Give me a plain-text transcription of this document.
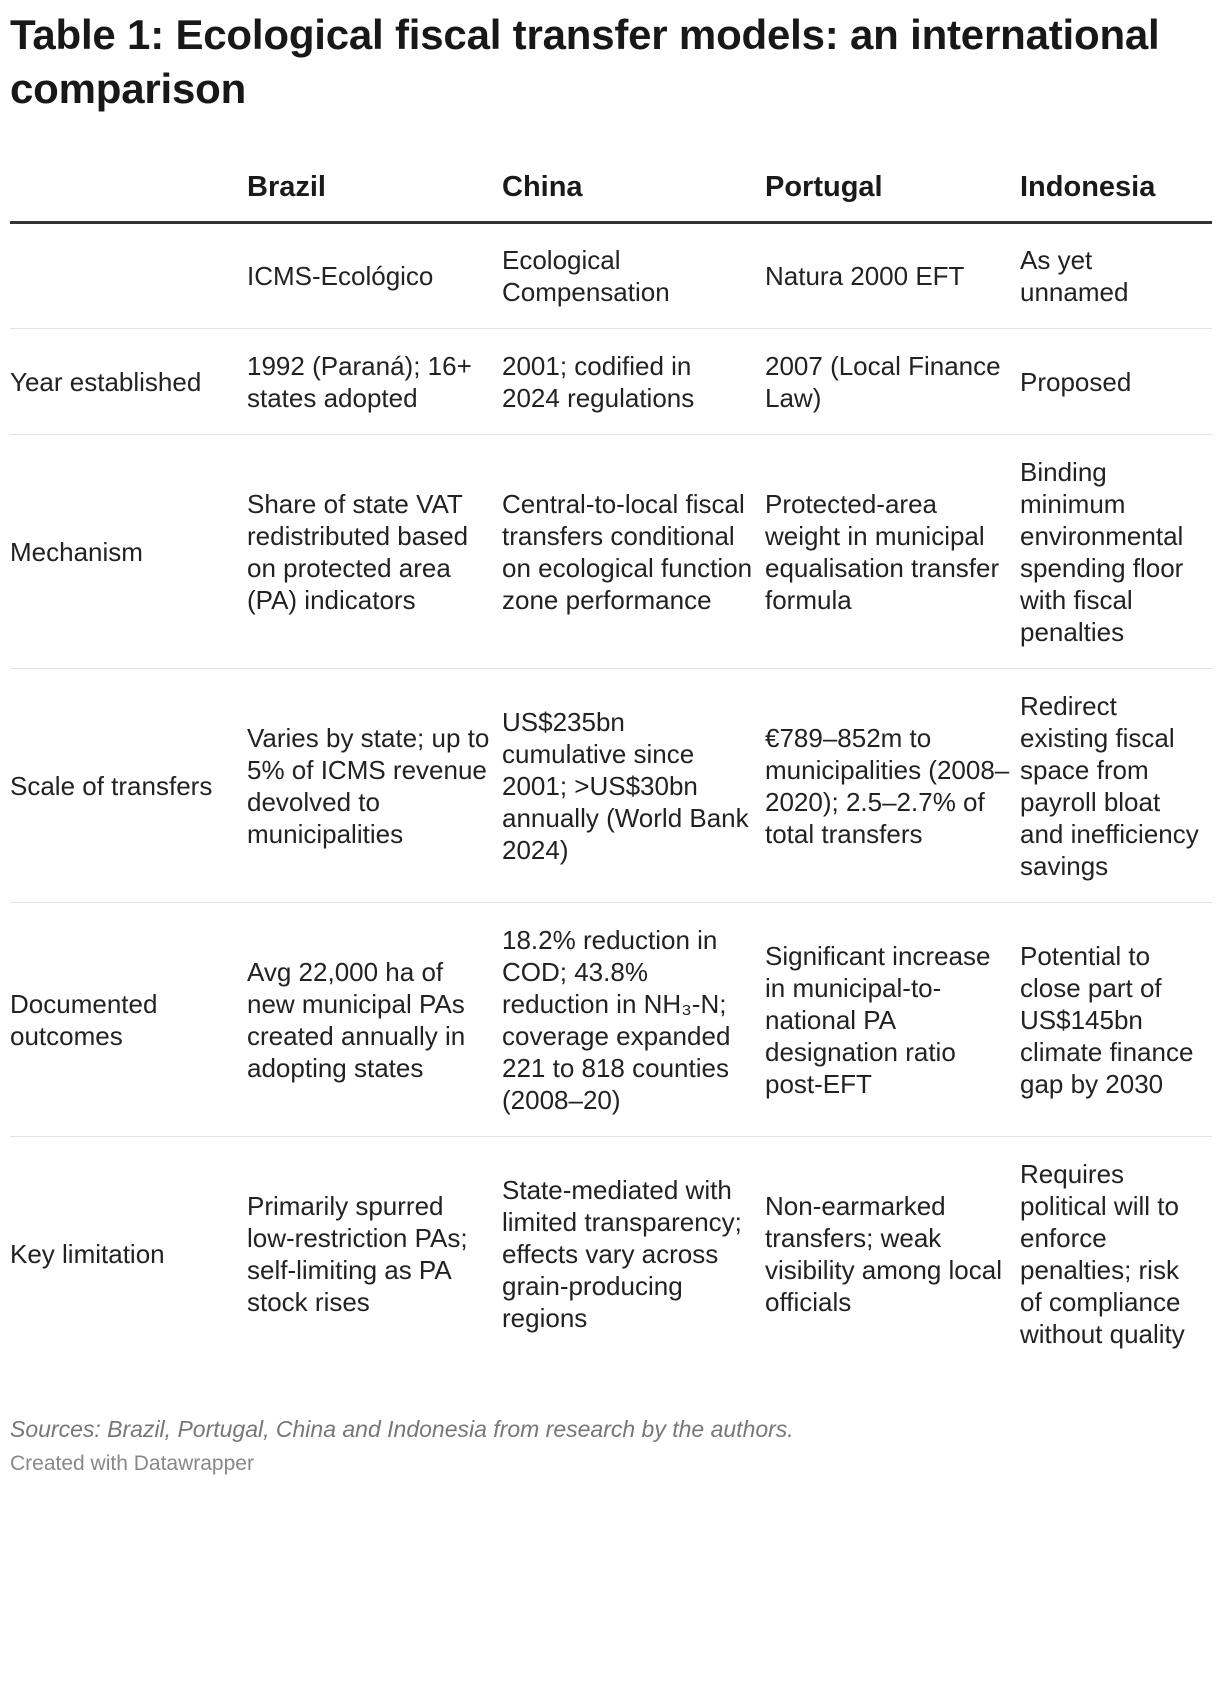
Table 1: Ecological fiscal transfer models: an international comparison
	Brazil	China	Portugal	Indonesia
	ICMS-Ecológico	Ecological Compensation	Natura 2000 EFT	As yet unnamed
Year established	1992 (Paraná); 16+ states adopted	2001; codified in 2024 regulations	2007 (Local Finance Law)	Proposed
Mechanism	Share of state VAT redistributed based on protected area (PA) indicators	Central-to-local fiscal transfers conditional on ecological function zone performance	Protected-area weight in municipal equalisation transfer formula	Binding minimum environmental spending floor with fiscal penalties
Scale of transfers	Varies by state; up to 5% of ICMS revenue devolved to municipalities	US$235bn cumulative since 2001; >US$30bn annually (World Bank 2024)	€789–852m to municipalities (2008–2020); 2.5–2.7% of total transfers	Redirect existing fiscal space from payroll bloat and inefficiency savings
Documented outcomes	Avg 22,000 ha of new municipal PAs created annually in adopting states	18.2% reduction in COD; 43.8% reduction in NH₃-N; coverage expanded 221 to 818 counties (2008–20)	Significant increase in municipal-to-national PA designation ratio post-EFT	Potential to close part of US$145bn climate finance gap by 2030
Key limitation	Primarily spurred low-restriction PAs; self-limiting as PA stock rises	State-mediated with limited transparency; effects vary across grain-producing regions	Non-earmarked transfers; weak visibility among local officials	Requires political will to enforce penalties; risk of compliance without quality
Sources: Brazil, Portugal, China and Indonesia from research by the authors.
Created with Datawrapper
